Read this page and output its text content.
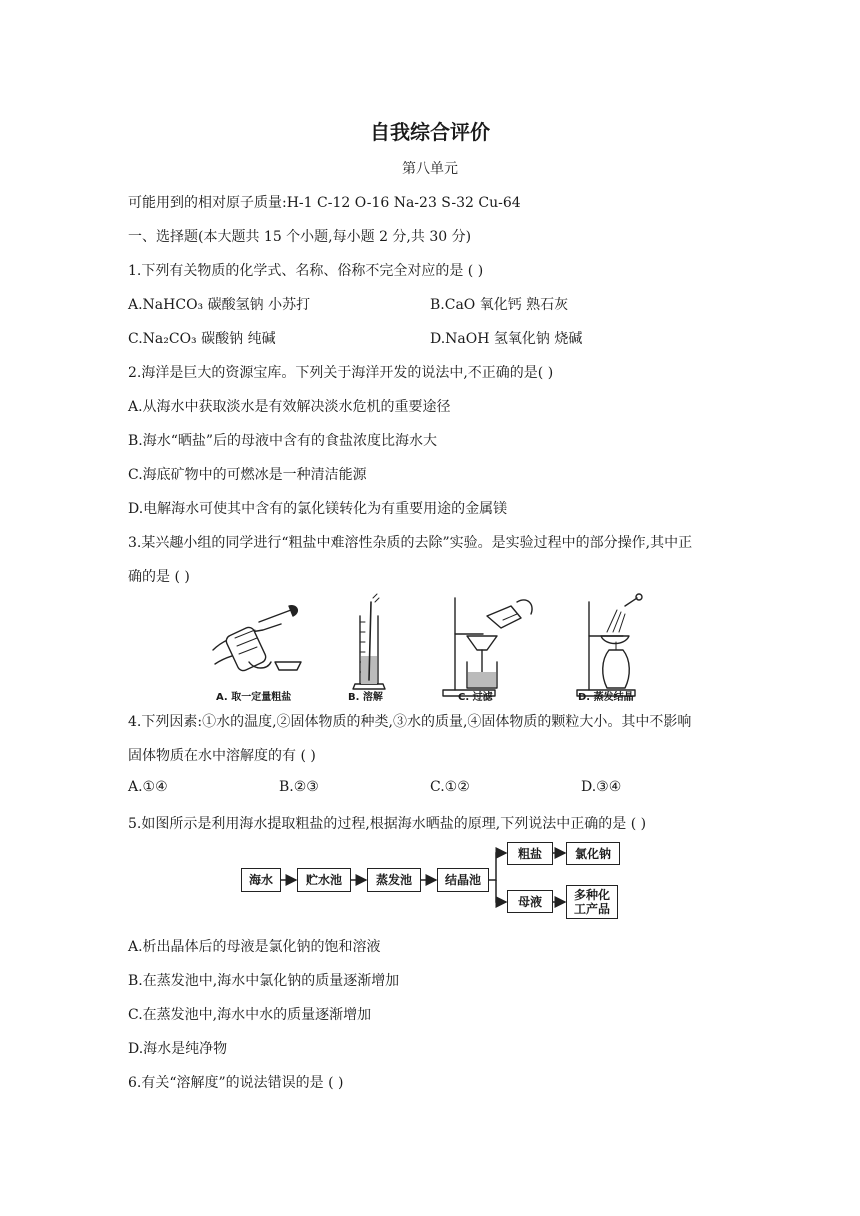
自我综合评价
第八单元
可能用到的相对原子质量:H-1 C-12 O-16 Na-23 S-32 Cu-64
一、选择题(本大题共 15 个小题,每小题 2 分,共 30 分)
1.下列有关物质的化学式、名称、俗称不完全对应的是 ( )
A.NaHCO₃ 碳酸氢钠 小苏打	B.CaO 氧化钙 熟石灰
C.Na₂CO₃ 碳酸钠 纯碱	D.NaOH 氢氧化钠 烧碱
2.海洋是巨大的资源宝库。下列关于海洋开发的说法中,不正确的是( )
A.从海水中获取淡水是有效解决淡水危机的重要途径
B.海水“晒盐”后的母液中含有的食盐浓度比海水大
C.海底矿物中的可燃冰是一种清洁能源
D.电解海水可使其中含有的氯化镁转化为有重要用途的金属镁
3.某兴趣小组的同学进行“粗盐中难溶性杂质的去除”实验。是实验过程中的部分操作,其中正
确的是 ( )
A. 取一定量粗盐	B. 溶解	C. 过滤	D. 蒸发结晶
4.下列因素:①水的温度,②固体物质的种类,③水的质量,④固体物质的颗粒大小。其中不影响
固体物质在水中溶解度的有 ( )
A.①④	B.②③	C.①②	D.③④
5.如图所示是利用海水提取粗盐的过程,根据海水晒盐的原理,下列说法中正确的是 ( )
海水	贮水池	蒸发池	结晶池
粗盐	氯化钠
母液	多种化工产品
A.析出晶体后的母液是氯化钠的饱和溶液
B.在蒸发池中,海水中氯化钠的质量逐渐增加
C.在蒸发池中,海水中水的质量逐渐增加
D.海水是纯净物
6.有关“溶解度”的说法错误的是 ( )
